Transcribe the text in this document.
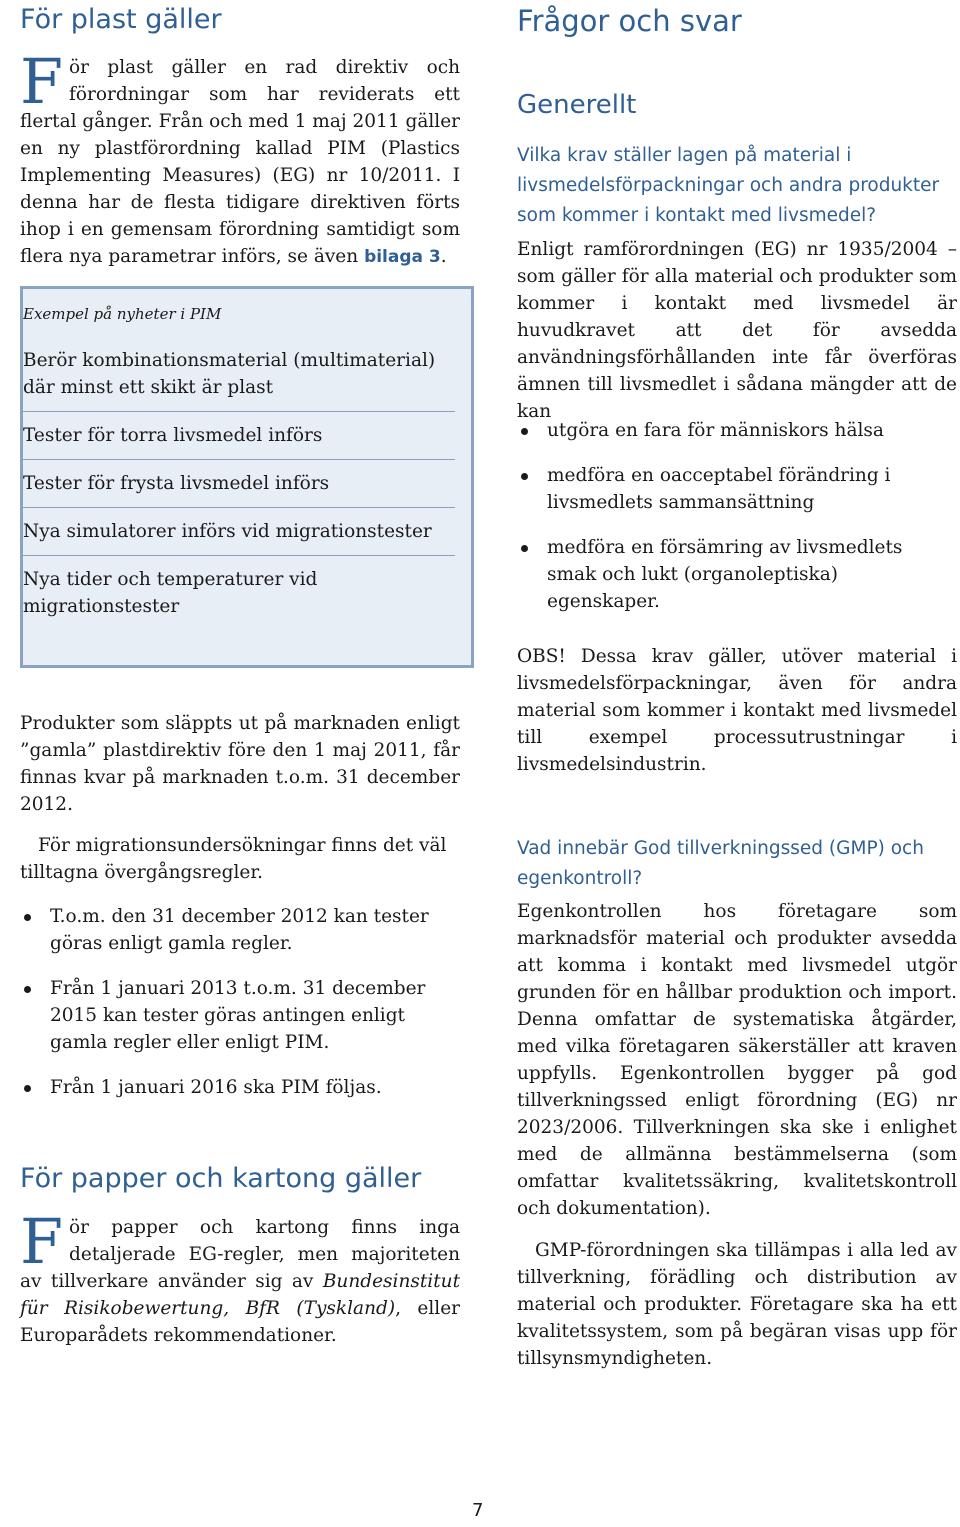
För plast gäller
F ör plast gäller en rad direktiv och förordningar som har reviderats ett flertal gånger. Från och med 1 maj 2011 gäller en ny plastförordning kallad PIM (Plastics Implementing Measures) (EG) nr 10/2011. I denna har de flesta tidigare direktiven förts ihop i en gemensam förordning samtidigt som flera nya parametrar införs, se även bilaga 3.

Exempel på nyheter i PIM

Berör kombinationsmaterial (multimaterial) där minst ett skikt är plast

Tester för torra livsmedel införs

Tester för frysta livsmedel införs

Nya simulatorer införs vid migrationstester

Nya tider och temperaturer vid migrationstester

Produkter som släppts ut på marknaden enligt ”gamla” plastdirektiv före den 1 maj 2011, får finnas kvar på marknaden t.o.m. 31 december 2012.

För migrationsundersökningar finns det väl tilltagna övergångsregler.

T.o.m. den 31 december 2012 kan tester göras enligt gamla regler.
Från 1 januari 2013 t.o.m. 31 december 2015 kan tester göras antingen enligt gamla regler eller enligt PIM.
Från 1 januari 2016 ska PIM följas.
För papper och kartong gäller
F ör papper och kartong finns inga detaljerade EG-regler, men majoriteten av tillverkare använder sig av Bundesinstitut für Risikobewertung, BfR (Tyskland), eller Europarådets rekommendationer.
Frågor och svar
Generellt

Vilka krav ställer lagen på material i livsmedelsförpackningar och andra produkter som kommer i kontakt med livsmedel?

Enligt ramförordningen (EG) nr 1935/2004 – som gäller för alla material och produkter som kommer i kontakt med livsmedel är huvudkravet att det för avsedda användningsförhållanden inte får överföras ämnen till livsmedlet i sådana mängder att de kan

utgöra en fara för människors hälsa
medföra en oacceptabel förändring i livsmedlets sammansättning
medföra en försämring av livsmedlets smak och lukt (organoleptiska) egenskaper.

OBS! Dessa krav gäller, utöver material i livsmedelsförpackningar, även för andra material som kommer i kontakt med livsmedel till exempel processutrustningar i livsmedelsindustrin.

Vad innebär God tillverkningssed (GMP) och egenkontroll?

Egenkontrollen hos företagare som marknadsför material och produkter avsedda att komma i kontakt med livsmedel utgör grunden för en hållbar produktion och import. Denna omfattar de systematiska åtgärder, med vilka företagaren säkerställer att kraven uppfylls. Egenkontrollen bygger på god tillverkningssed enligt förordning (EG) nr 2023/2006. Tillverkningen ska ske i enlighet med de allmänna bestämmelserna (som omfattar kvalitetssäkring, kvalitetskontroll och dokumentation).

GMP-förordningen ska tillämpas i alla led av tillverkning, förädling och distribution av material och produkter. Företagare ska ha ett kvalitetssystem, som på begäran visas upp för tillsynsmyndigheten.

7
